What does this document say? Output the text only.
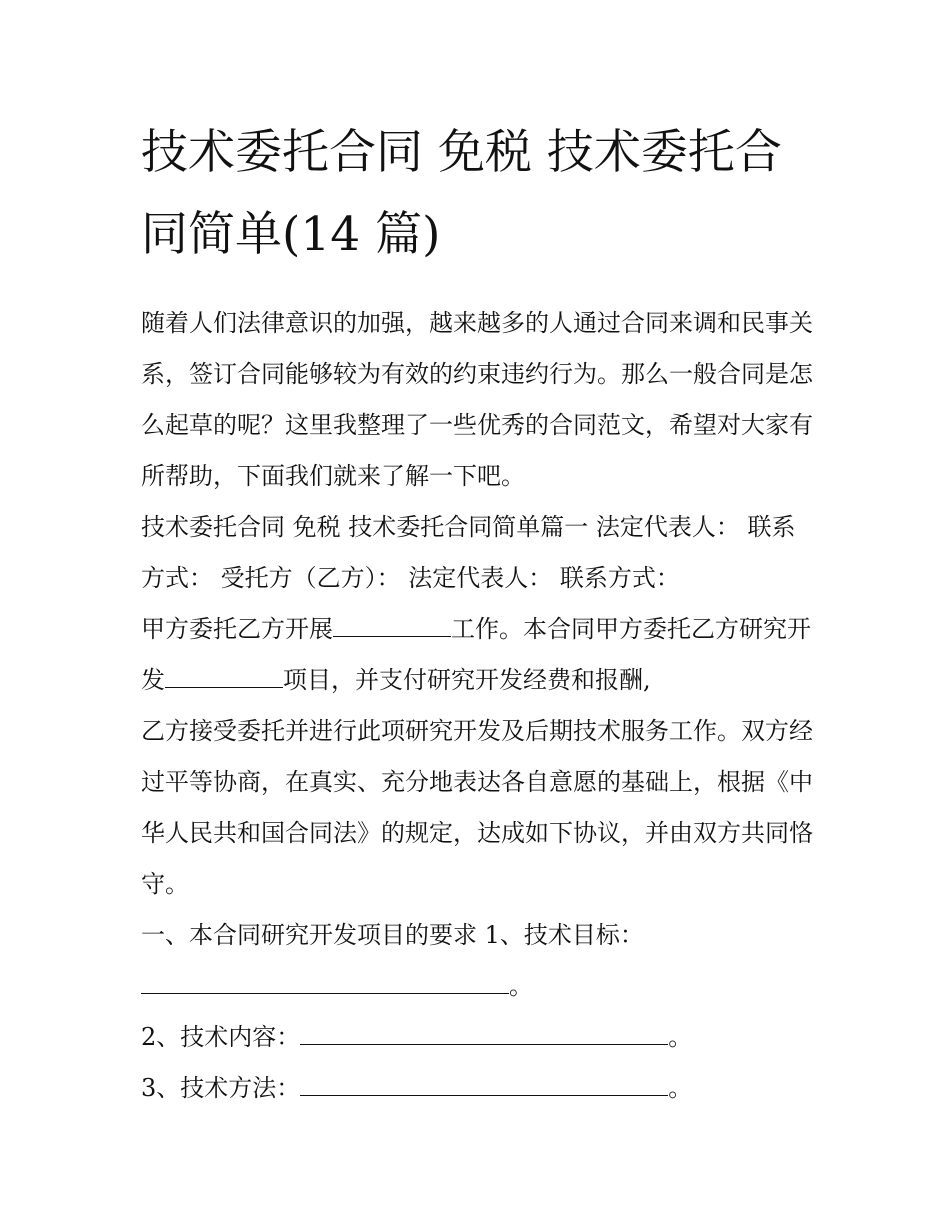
技术委托合同 免税 技术委托合同简单(14 篇)

随着人们法律意识的加强，越来越多的人通过合同来调和民事关系，签订合同能够较为有效的约束违约行为。那么一般合同是怎么起草的呢？这里我整理了一些优秀的合同范文，希望对大家有所帮助，下面我们就来了解一下吧。

技术委托合同 免税 技术委托合同简单篇一 法定代表人： 联系方式： 受托方（乙方）： 法定代表人： 联系方式：

甲方委托乙方开展	工作。本合同甲方委托乙方研究开发	项目，并支付研究开发经费和报酬,

乙方接受委托并进行此项研究开发及后期技术服务工作。双方经过平等协商，在真实、充分地表达各自意愿的基础上，根据《中华人民共和国合同法》的规定，达成如下协议，并由双方共同恪守。

一、本合同研究开发项目的要求 1、技术目标：

。

2、技术内容：	。

3、技术方法：	。
